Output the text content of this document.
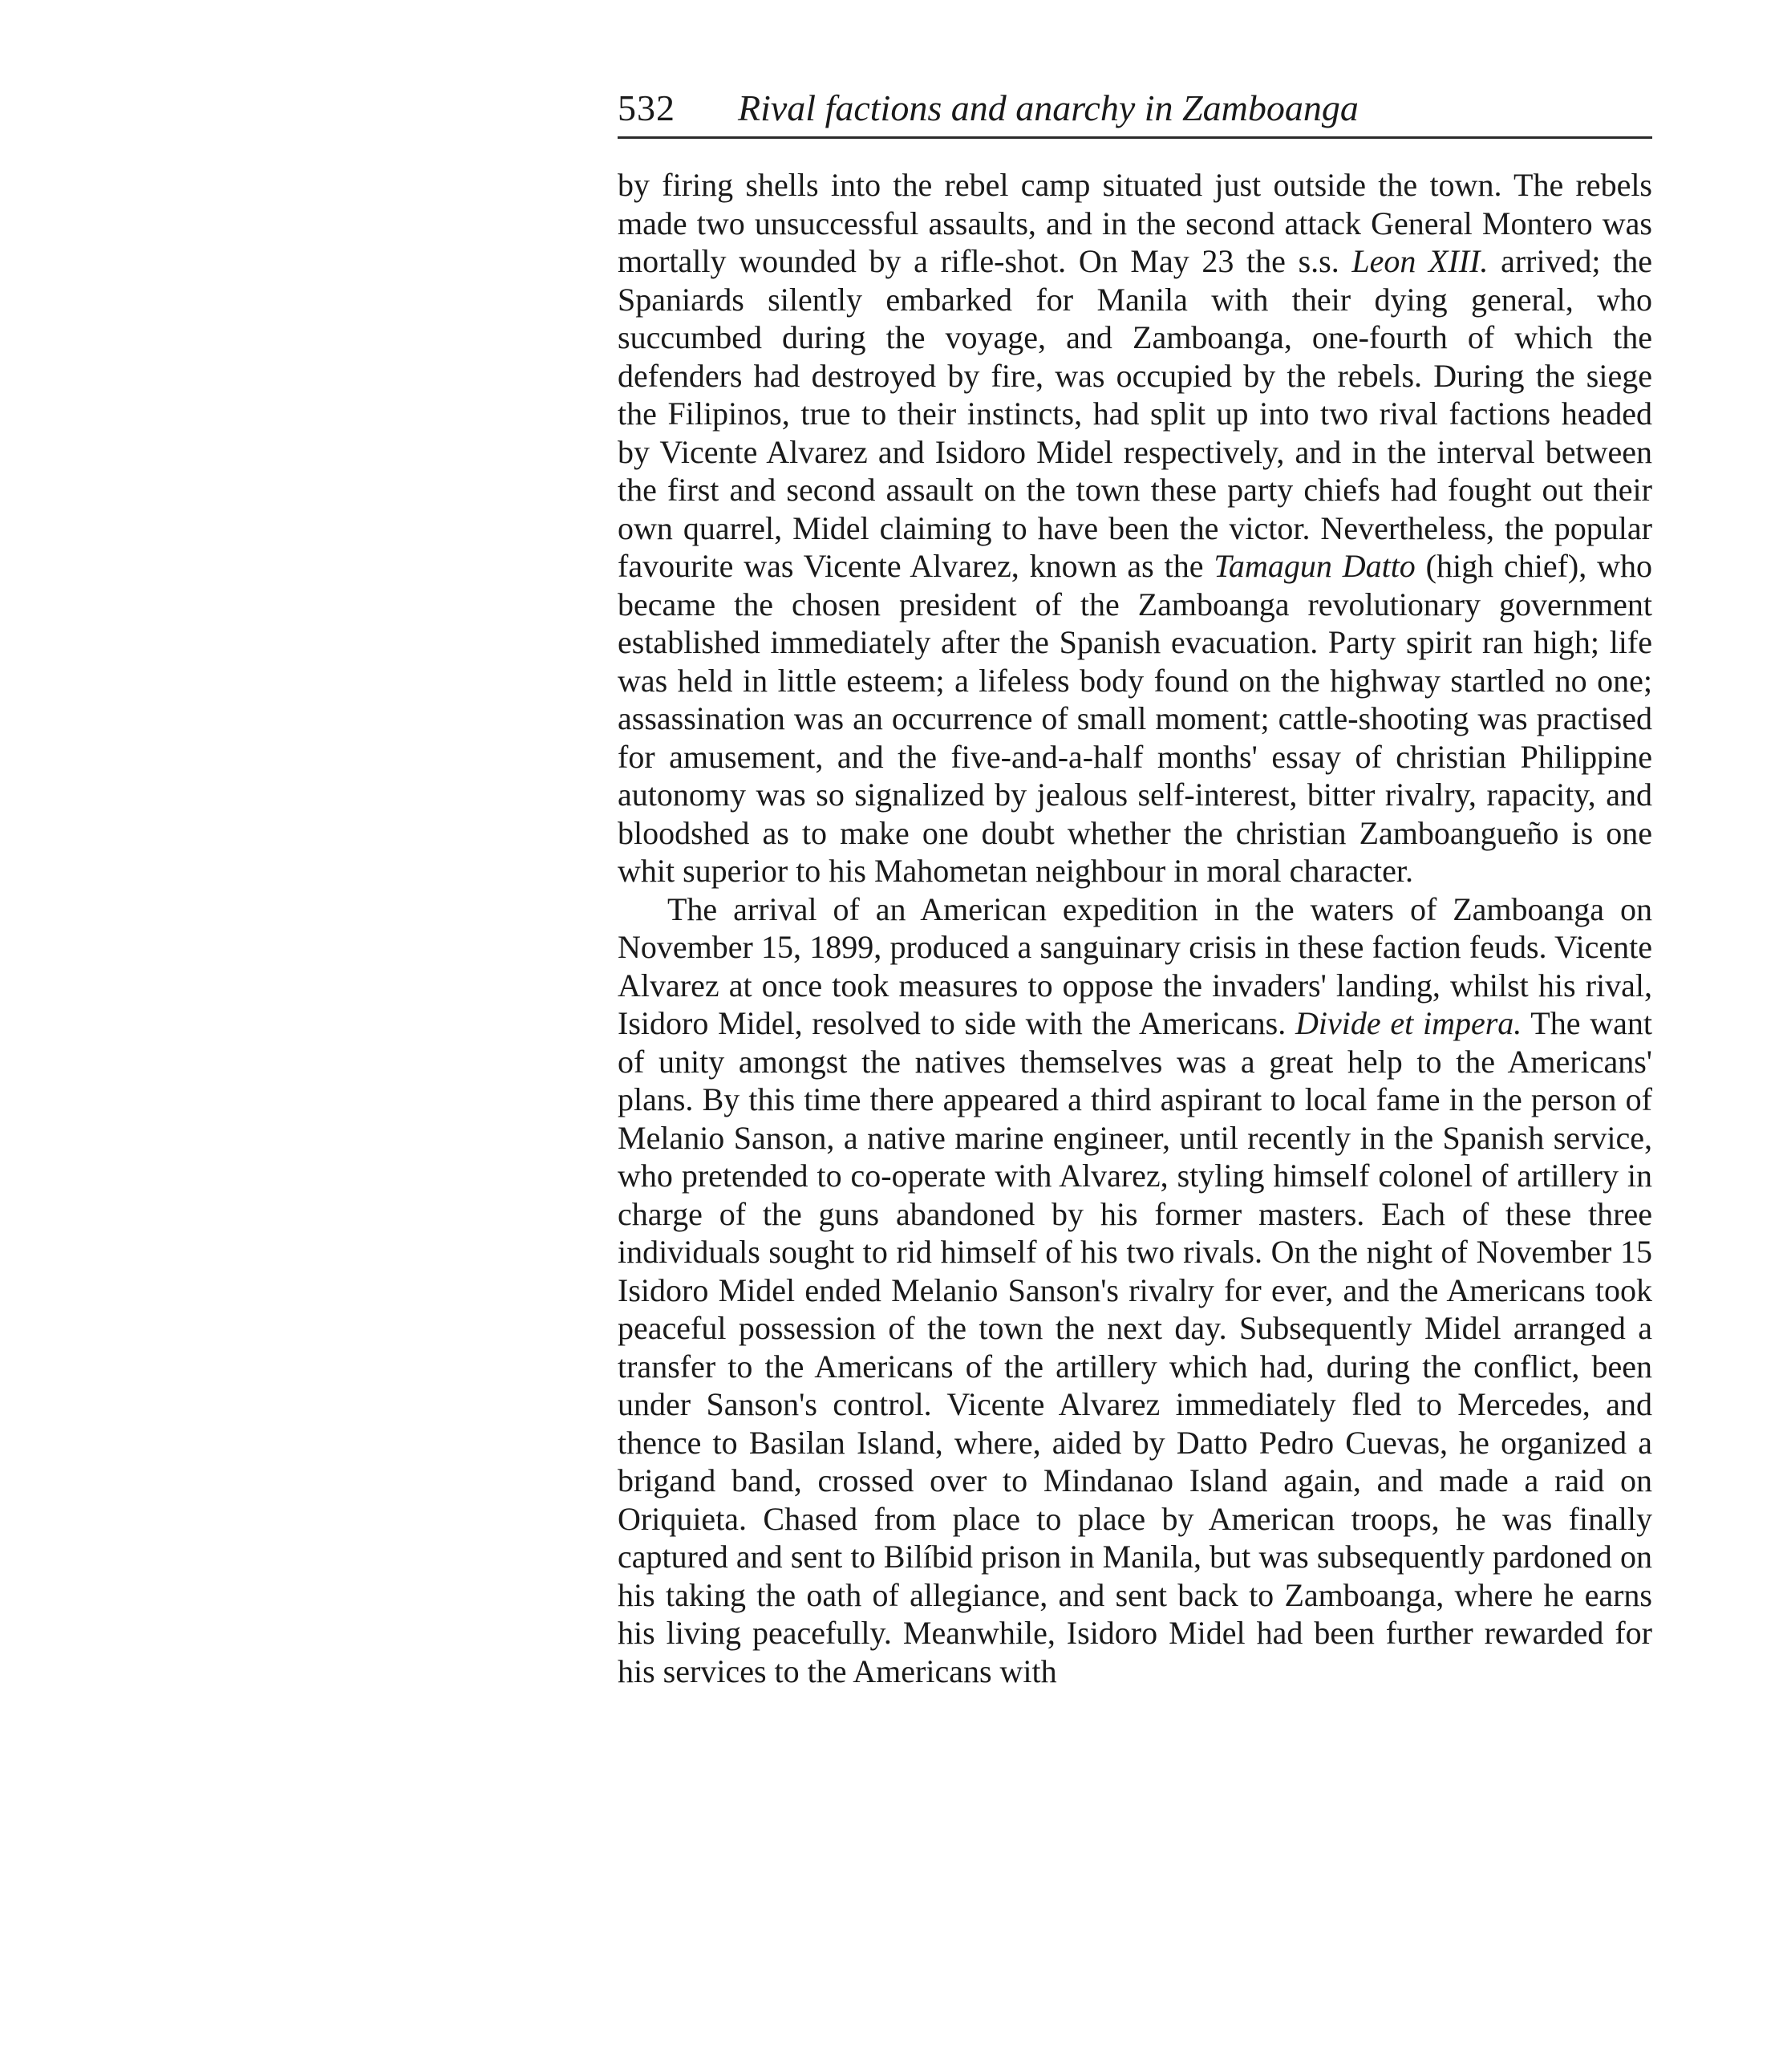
532 Rival factions and anarchy in Zamboanga

by firing shells into the rebel camp situated just outside the town. The rebels made two unsuccessful assaults, and in the second attack General Montero was mortally wounded by a rifle-shot. On May 23 the s.s. Leon XIII. arrived; the Spaniards silently embarked for Manila with their dying general, who succumbed during the voyage, and Zamboanga, one-fourth of which the defenders had destroyed by fire, was occupied by the rebels. During the siege the Filipinos, true to their instincts, had split up into two rival factions headed by Vicente Alvarez and Isidoro Midel respectively, and in the interval between the first and second assault on the town these party chiefs had fought out their own quarrel, Midel claiming to have been the victor. Nevertheless, the popular favourite was Vicente Alvarez, known as the Tamagun Datto (high chief), who became the chosen president of the Zamboanga revolutionary government established immediately after the Spanish evacuation. Party spirit ran high; life was held in little esteem; a lifeless body found on the highway startled no one; assassination was an occurrence of small moment; cattle-shooting was practised for amusement, and the five-and-a-half months' essay of christian Philippine autonomy was so signalized by jealous self-interest, bitter rivalry, rapacity, and bloodshed as to make one doubt whether the christian Zamboangueño is one whit superior to his Mahometan neighbour in moral character.

The arrival of an American expedition in the waters of Zamboanga on November 15, 1899, produced a sanguinary crisis in these faction feuds. Vicente Alvarez at once took measures to oppose the invaders' landing, whilst his rival, Isidoro Midel, resolved to side with the Americans. Divide et impera. The want of unity amongst the natives themselves was a great help to the Americans' plans. By this time there appeared a third aspirant to local fame in the person of Melanio Sanson, a native marine engineer, until recently in the Spanish service, who pretended to co-operate with Alvarez, styling himself colonel of artillery in charge of the guns abandoned by his former masters. Each of these three individuals sought to rid himself of his two rivals. On the night of November 15 Isidoro Midel ended Melanio Sanson's rivalry for ever, and the Americans took peaceful possession of the town the next day. Subsequently Midel arranged a transfer to the Americans of the artillery which had, during the conflict, been under Sanson's control. Vicente Alvarez immediately fled to Mercedes, and thence to Basilan Island, where, aided by Datto Pedro Cuevas, he organized a brigand band, crossed over to Mindanao Island again, and made a raid on Oriquieta. Chased from place to place by American troops, he was finally captured and sent to Bilíbid prison in Manila, but was subsequently pardoned on his taking the oath of allegiance, and sent back to Zamboanga, where he earns his living peacefully. Meanwhile, Isidoro Midel had been further rewarded for his services to the Americans with
